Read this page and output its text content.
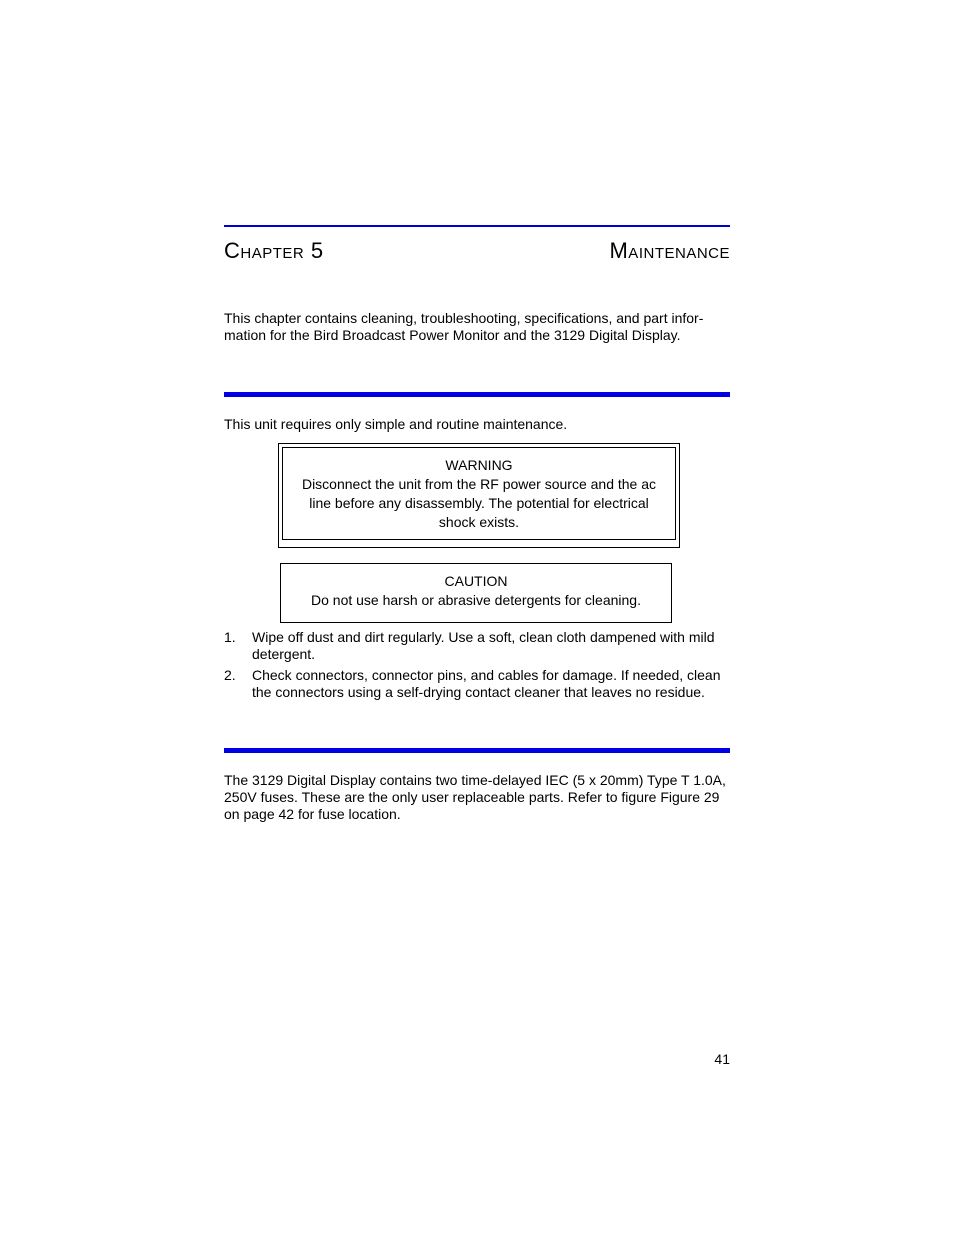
Chapter 5	Maintenance
This chapter contains cleaning, troubleshooting, specifications, and part infor-
mation for the Bird Broadcast Power Monitor and the 3129 Digital Display.
This unit requires only simple and routine maintenance.
WARNING
Disconnect the unit from the RF power source and the ac
line before any disassembly. The potential for electrical
shock exists.
CAUTION
Do not use harsh or abrasive detergents for cleaning.
1. Wipe off dust and dirt regularly. Use a soft, clean cloth dampened with mild
detergent.
2. Check connectors, connector pins, and cables for damage. If needed, clean
the connectors using a self-drying contact cleaner that leaves no residue.
The 3129 Digital Display contains two time-delayed IEC (5 x 20mm) Type T 1.0A,
250V fuses. These are the only user replaceable parts. Refer to figure Figure 29
on page 42 for fuse location.
41
